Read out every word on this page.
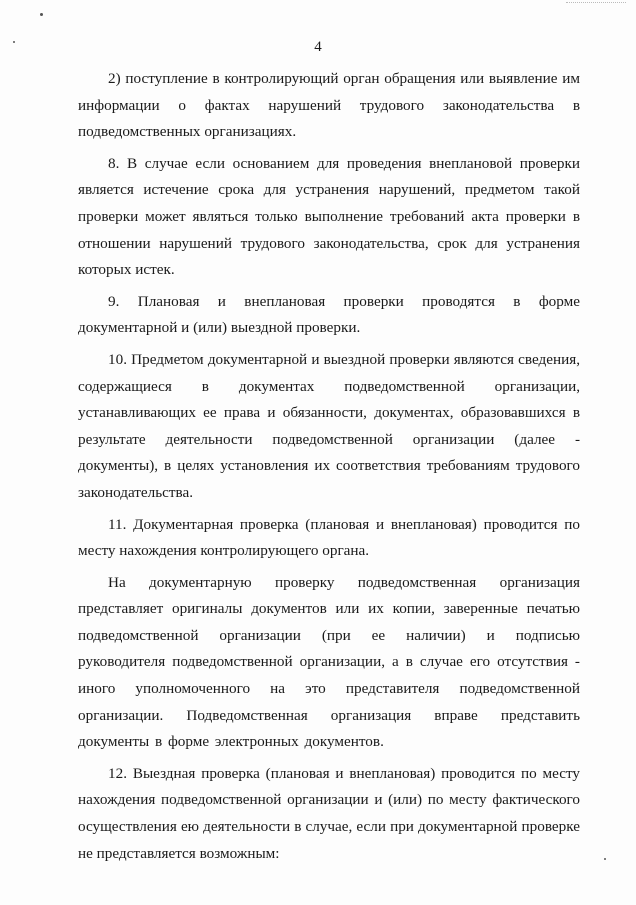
4

2) поступление в контролирующий орган обращения или выявление им информации о фактах нарушений трудового законодательства в подведомственных организациях.

8. В случае если основанием для проведения внеплановой проверки является истечение срока для устранения нарушений, предметом такой проверки может являться только выполнение требований акта проверки в отношении нарушений трудового законодательства, срок для устранения которых истек.

9. Плановая и внеплановая проверки проводятся в форме документарной и (или) выездной проверки.

10. Предметом документарной и выездной проверки являются сведения, содержащиеся в документах подведомственной организации, устанавливающих ее права и обязанности, документах, образовавшихся в результате деятельности подведомственной организации (далее - документы), в целях установления их соответствия требованиям трудового законодательства.

11. Документарная проверка (плановая и внеплановая) проводится по месту нахождения контролирующего органа.

На документарную проверку подведомственная организация представляет оригиналы документов или их копии, заверенные печатью подведомственной организации (при ее наличии) и подписью руководителя подведомственной организации, а в случае его отсутствия - иного уполномоченного на это представителя подведомственной организации. Подведомственная организация вправе представить документы в форме электронных документов.

12. Выездная проверка (плановая и внеплановая) проводится по месту нахождения подведомственной организации и (или) по месту фактического осуществления ею деятельности в случае, если при документарной проверке не представляется возможным:
